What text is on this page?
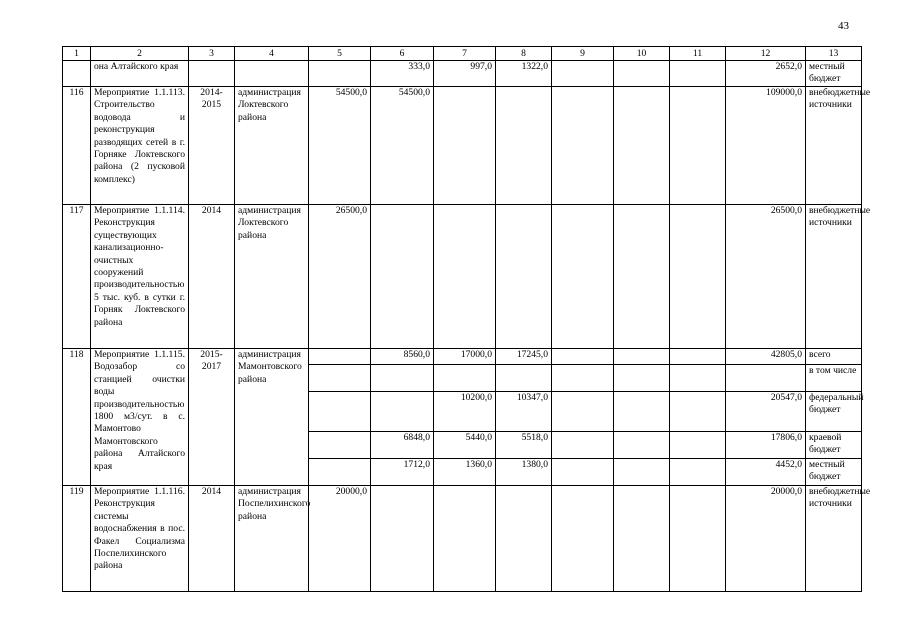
43
1	2	3	4	5	6	7	8	9	10	11	12	13
	она Алтайского края				333,0	997,0	1322,0				2652,0	местный бюджет
116	Мероприятие 1.1.113. Строительство водовода и реконструкция разводящих сетей в г. Горняке Локтевского района (2 пусковой комплекс)	2014-2015	администрация Локтевского района	54500,0	54500,0						109000,0	внебюджетные источники
117	Мероприятие 1.1.114. Реконструкция существующих канализационно-очистных сооружений производительностью 5 тыс. куб. в сутки г. Горняк Локтевского района	2014	администрация Локтевского района	26500,0							26500,0	внебюджетные источники
118	Мероприятие 1.1.115. Водозабор со станцией очистки воды производительностью 1800 м3/сут. в с. Мамонтово Мамонтовского района Алтайского края	2015-2017	администрация Мамонтовского района		8560,0	17000,0	17245,0				42805,0	всего
												в том числе
						10200,0	10347,0				20547,0	федеральный бюджет
					6848,0	5440,0	5518,0				17806,0	краевой бюджет
					1712,0	1360,0	1380,0				4452,0	местный бюджет
119	Мероприятие 1.1.116. Реконструкция системы водоснабжения в пос. Факел Социализма Поспелихинского района	2014	администрация Поспелихинского района	20000,0							20000,0	внебюджетные источники
